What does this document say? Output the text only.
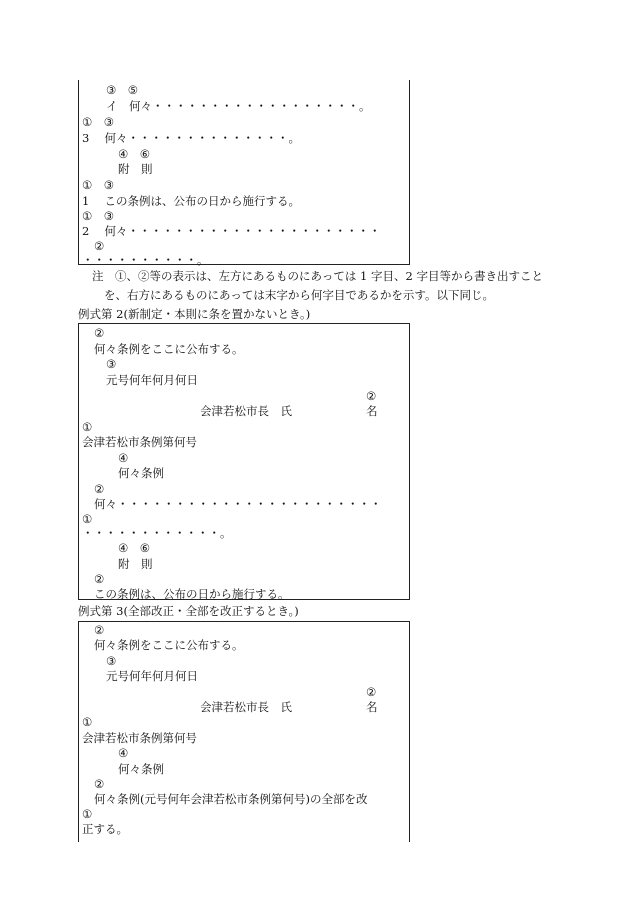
③　⑤
イ　何々・・・・・・・・・・・・・・・・・・。
①　③
3　 何々・・・・・・・・・・・・・・。
④　⑥
附　則
①　③
1　 この条例は、公布の日から施行する。
①　③
2　 何々・・・・・・・・・・・・・・・・・・・・・・
②
・・・・・・・・・・。
注　①、②等の表示は、左方にあるものにあっては 1 字目、2 字目等から書き出すこと
を、右方にあるものにあっては末字から何字目であるかを示す。以下同じ。
例式第 2(新制定・本則に条を置かないとき。)
②
何々条例をここに公布する。
③
元号何年何月何日
②
会津若松市長　氏	名
①
会津若松市条例第何号
④
何々条例
②
何々・・・・・・・・・・・・・・・・・・・・・・・
①
・・・・・・・・・・・・。
④　⑥
附　則
②
この条例は、公布の日から施行する。
例式第 3(全部改正・全部を改正するとき。)
②
何々条例をここに公布する。
③
元号何年何月何日
②
会津若松市長　氏	名
①
会津若松市条例第何号
④
何々条例
②
何々条例(元号何年会津若松市条例第何号)の全部を改
①
正する。
